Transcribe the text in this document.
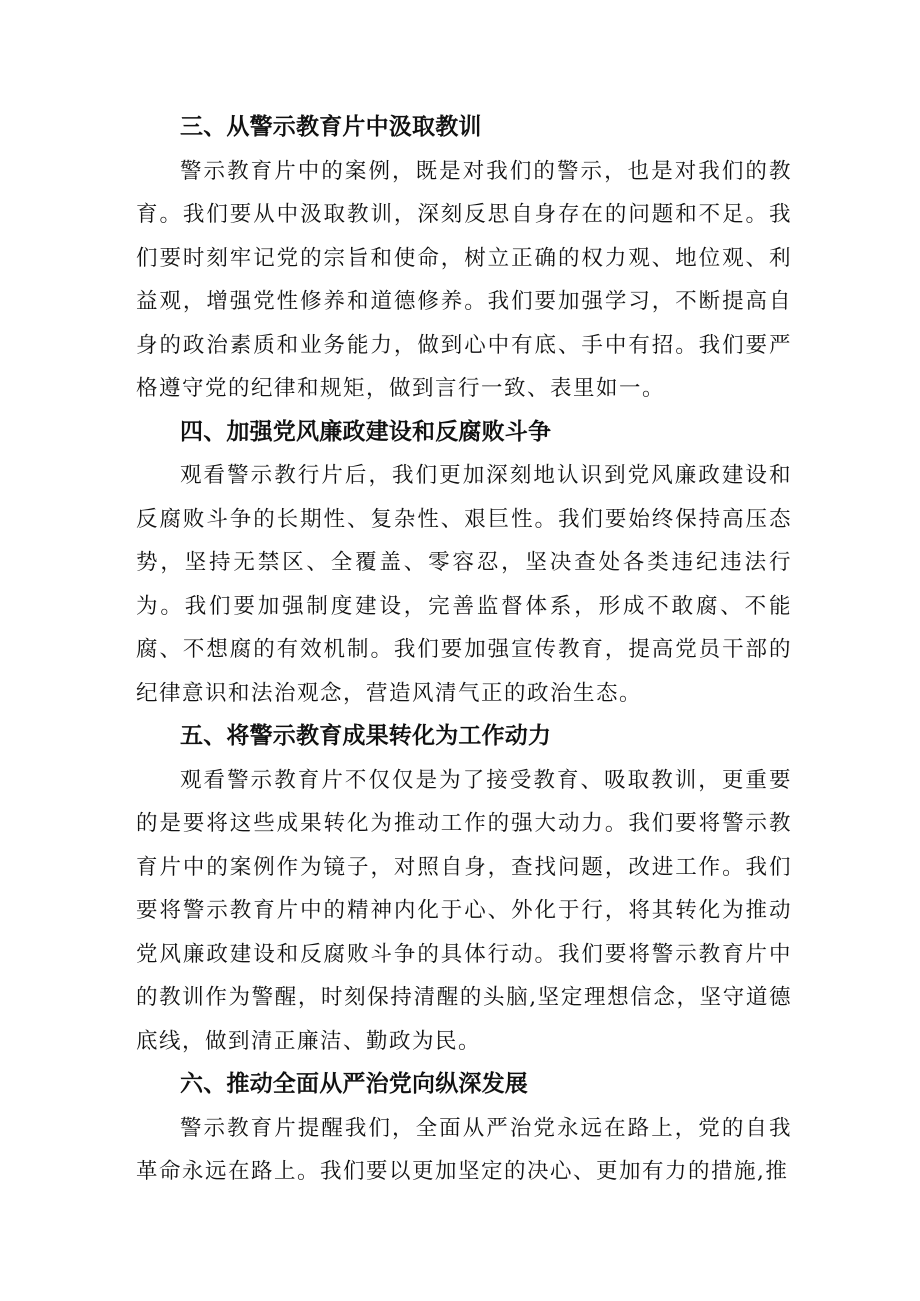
三、从警示教育片中汲取教训

警示教育片中的案例，既是对我们的警示，也是对我们的教育。我们要从中汲取教训，深刻反思自身存在的问题和不足。我们要时刻牢记党的宗旨和使命，树立正确的权力观、地位观、利益观，增强党性修养和道德修养。我们要加强学习，不断提高自身的政治素质和业务能力，做到心中有底、手中有招。我们要严格遵守党的纪律和规矩，做到言行一致、表里如一。

四、加强党风廉政建设和反腐败斗争

观看警示教行片后，我们更加深刻地认识到党风廉政建设和反腐败斗争的长期性、复杂性、艰巨性。我们要始终保持高压态势，坚持无禁区、全覆盖、零容忍，坚决查处各类违纪违法行为。我们要加强制度建设，完善监督体系，形成不敢腐、不能腐、不想腐的有效机制。我们要加强宣传教育，提高党员干部的纪律意识和法治观念，营造风清气正的政治生态。

五、将警示教育成果转化为工作动力

观看警示教育片不仅仅是为了接受教育、吸取教训，更重要的是要将这些成果转化为推动工作的强大动力。我们要将警示教育片中的案例作为镜子，对照自身，查找问题，改进工作。我们要将警示教育片中的精神内化于心、外化于行，将其转化为推动党风廉政建设和反腐败斗争的具体行动。我们要将警示教育片中的教训作为警醒，时刻保持清醒的头脑,坚定理想信念，坚守道德底线，做到清正廉洁、勤政为民。

六、推动全面从严治党向纵深发展

警示教育片提醒我们，全面从严治党永远在路上，党的自我革命永远在路上。我们要以更加坚定的决心、更加有力的措施,推
